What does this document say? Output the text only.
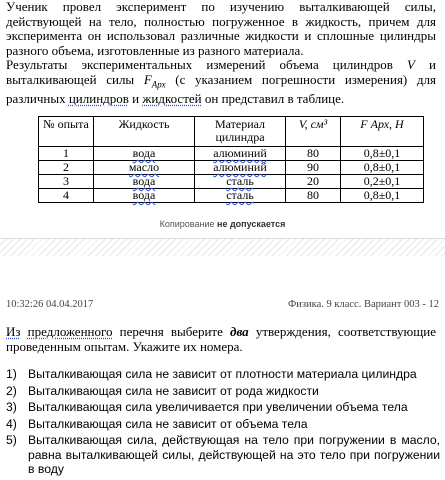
Ученик провел эксперимент по изучению выталкивающей силы, действующей на тело, полностью погруженное в жидкость, причем для эксперимента он использовал различные жидкости и сплошные цилиндры разного объема, изготовленные из разного материала.

Результаты экспериментальных измерений объема цилиндров V и выталкивающей силы $F_{Арх}$ (с указанием погрешности измерения) для различных цилиндров и жидкостей он представил в таблице.

№ опыта	Жидкость	Материал цилиндра	V, см³	F Арх, Н
1	вода	алюминий	80	0,8±0,1
2	масло	алюминий	90	0,8±0,1
3	вода	сталь	20	0,2±0,1
4	вода	сталь	80	0,8±0,1
Копирование не допускается
10:32:26 04.04.2017	Физика. 9 класс. Вариант 003 - 12

Из предложенного перечня выберите два утверждения, соответствующие проведенным опытам. Укажите их номера.

1) Выталкивающая сила не зависит от плотности материала цилиндра
2) Выталкивающая сила не зависит от рода жидкости
3) Выталкивающая сила увеличивается при увеличении объема тела
4) Выталкивающая сила не зависит от объема тела
5) Выталкивающая сила, действующая на тело при погружении в масло, равна выталкивающей силы, действующей на это тело при погружении в воду
